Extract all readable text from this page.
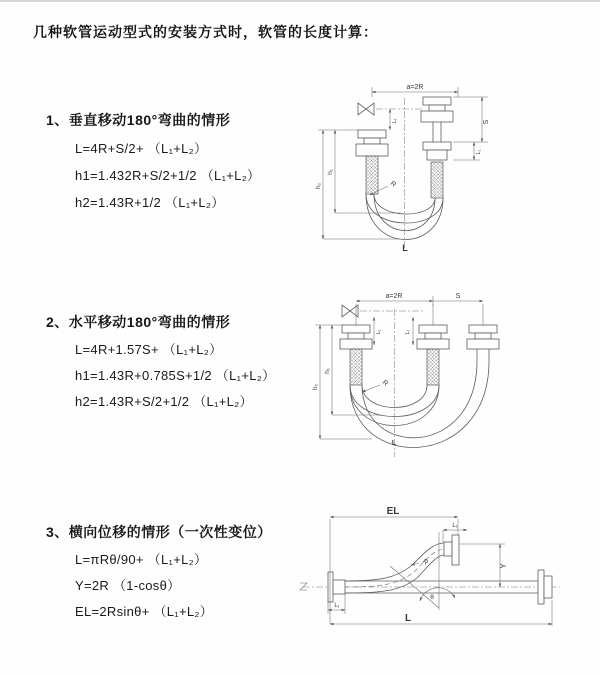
几种软管运动型式的安装方式时，软管的长度计算：
1、垂直移动180°弯曲的情形
L=4R+S/2+ （L₁+L₂）
h1=1.432R+S/2+1/2 （L₁+L₂）
h2=1.43R+1/2 （L₁+L₂）
a=2R
R
h₁
h₂
S
L₁
L₁
L
2、水平移动180°弯曲的情形
L=4R+1.57S+ （L₁+L₂）
h1=1.43R+0.785S+1/2 （L₁+L₂）
h2=1.43R+S/2+1/2 （L₁+L₂）
a=2R	S
R
h₁
h₂
L₁	L₁
L
3、横向位移的情形（一次性变位）
L=πRθ/90+ （L₁+L₂）
Y=2R （1-cosθ）
EL=2Rsinθ+ （L₁+L₂）
EL
L₁
Y
R
θ
L₁
L
